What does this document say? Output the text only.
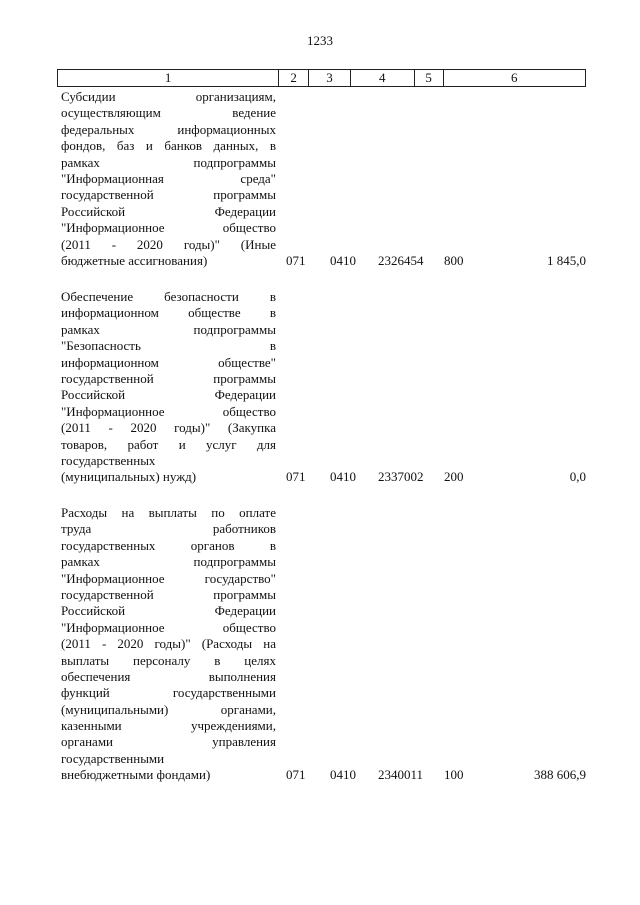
1233
1	2	3	4	5	6
Субсидии организациям,
осуществляющим ведение
федеральных информационных
фондов, баз и банков данных, в
рамках подпрограммы
"Информационная среда"
государственной программы
Российской Федерации
"Информационное общество
(2011 - 2020 годы)" (Иные
бюджетные ассигнования)	071 0410 2326454 800	1 845,0
Обеспечение безопасности в
информационном обществе в
рамках подпрограммы
"Безопасность в
информационном обществе"
государственной программы
Российской Федерации
"Информационное общество
(2011 - 2020 годы)" (Закупка
товаров, работ и услуг для
государственных
(муниципальных) нужд)	071 0410 2337002 200	0,0
Расходы на выплаты по оплате
труда работников
государственных органов в
рамках подпрограммы
"Информационное государство"
государственной программы
Российской Федерации
"Информационное общество
(2011 - 2020 годы)" (Расходы на
выплаты персоналу в целях
обеспечения выполнения
функций государственными
(муниципальными) органами,
казенными учреждениями,
органами управления
государственными
внебюджетными фондами)	071 0410 2340011 100	388 606,9
